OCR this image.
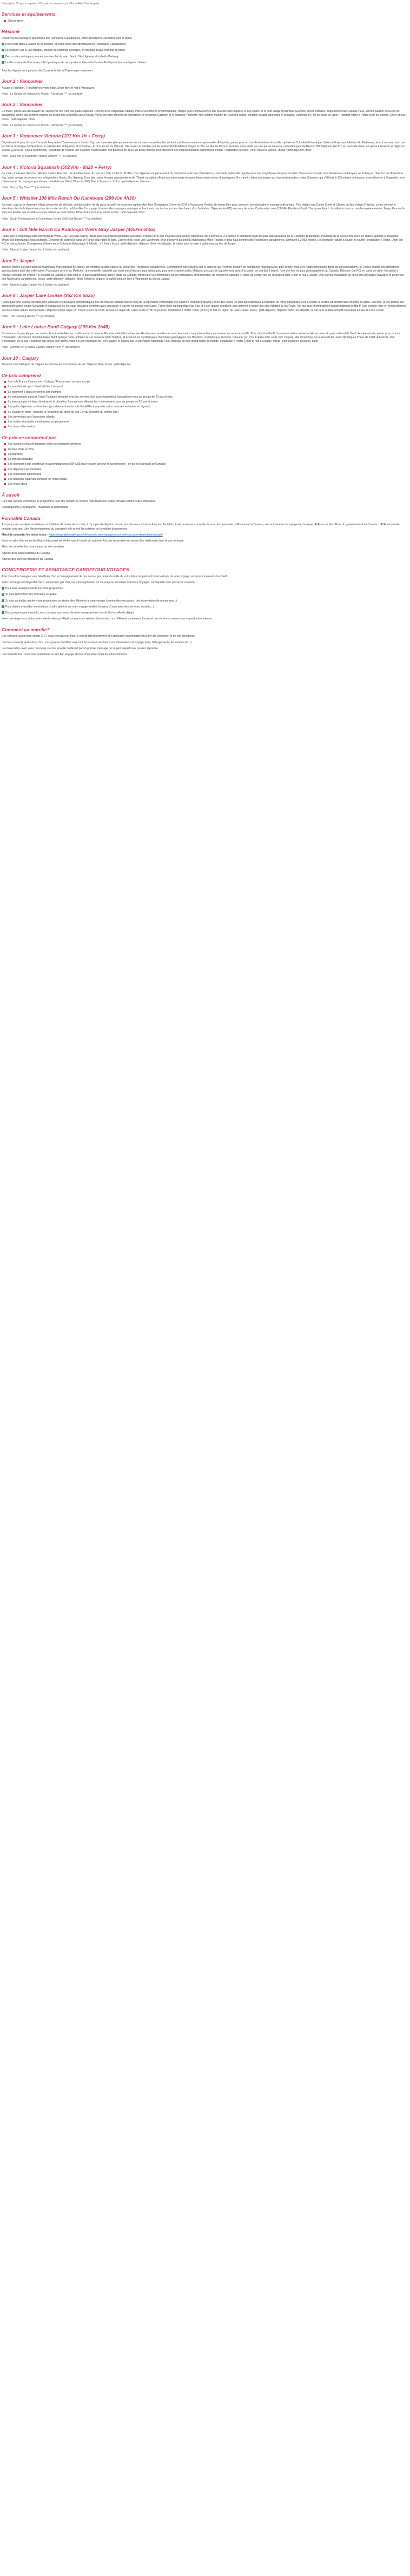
Description Ce prix comprend / Ce prix ne comprend pas Formalités Conciergerie
Services et équipements
Conciergerie
Résumé

Découvrez les paysages grandioses des rocheuses Canadiennes, entre montagnes, cascades, lacs et forêts.

✓ Deux nuits dans à Jasper ou en régions, en plein coeur des spectaculaires Rocheuses Canadiennes

✓ La croisière sur le Lac Maligne, entouré de sommets enneigés, en des plus beaux endroits du parcs

✓ Deux routes scéniques pour en prendre plein la vue : Sea to Sky Highway et Icefields Parkway

✓ La découverte de Vancouver, ville dynamique et cosmopolite nichée entre l'océan Pacifique et les montagnes côtières

Tous les départs sont garantis dès 2 pax et limités à 35 passagers maximum

Jour 1 : Vancouver

Accueil à l'aéroport. Transfert vers votre hôtel. Dîner libre et nuit à Vancouver.

Hôtel : Le Quinta Inn Vancouver Airport - Richmond *** (ou similaire)

Jour 2 : Vancouver

Ce matin, partez à la découverte de Vancouver lors d'un tour guidé captivant. Découvrez le magnifique Stanley Park et ses totems emblématiques, dirigez dans l'effervescence des quartiers des théâtres et des sports, et le petit village dynamique Granville Street. Admirez l'impressionnante Canada Place, ancien pavillon de l'Expo 86, aujourd'hui centre des congrès et point de départ des croisières vers l'Alaska. Voyez les rues animées de Chinatown, le charmant Gastown et le moderne Yaletown, et le célèbre marché de Granville Island, véritable paradis gourmand et artisanal. Déjeuner en PC) en cours de visite. Transfert retour à l'hôtel en fin de journée. Dîner et nuit. Inclus : petit-déjeuner, dîner

Hôtel : Le Quinta Inn Vancouver Airport - Richmond *** (ou similaire)

Jour 3 : Vancouver Victoria (101 Km 1h + Ferry)

Départ matinal pour Victoria à bord du ferry reliant Tsawwassen à Swartz Bay, une traversée pittoresque entre de nombreuses petites îles abritant une faune marine exceptionnelle. À l'arrivée, partez pour un tour d'orientation de la ville capitale de Colombie-Britannique. Visite de l'imposant bâtiment du Parlement, le tout nouveau sorti par le charme historique de l'Empress, le quartier des antiquaires et Chinatown, le plus ancien du Canada. Découvrez le paisible quartier résidentiel d'Oakland, longez la côte sur Marine Drive et terminez votre visite par une pause nature au splendide parc de Beacon Hill. Déjeuner (en PC) en cours de visite. En option à réserver et régler en avance (220 CAD - prix à reconfirmer), possibilité de réaliser une croisière d'observation des baleines de 3h30, un beau moment pour découvrir ces impressionnants mammifères marins ! Installation à l'hôtel. Dîner et nuit à Victoria. Inclus : petit-déjeuner, dîner

Hôtel : Days Inn by Wyndham Victoria Uptown *** (ou similaire)

Jour 4 : Victoria Squamish (502 Km - 6h20 + Ferry)

Ce matin, traversée dans les célèbres Jardins Butchart, un véritable havre de paix aux mille couleurs. Profitez d'un déjeuner sur place avant de prendre la route vers Chemainus, charmante petite ville réputée pour ses magnifiques fresques murales. Poursuivez ensuite vers Nanaimo et embarquez sur le ferry en direction de Horseshoe Bay. Votre voyage se poursuit sur la légendaire Sea to Sky Highway, l'une des routes les plus spectaculaires de l'Ouest canadien, offrant des panoramas époustouflants entre océan et montagnes. En chemin, faites une pause aux impressionnantes chutes Shannon, qui s'élèvent à 335 mètres de hauteur, avant d'arriver à Squamish, terre d'aventure et de paysages grandioses. Installation à l'hôtel. Dîner (en PC). Nuit à Squamish. Inclus : petit-déjeuner, déjeuner

Hôtel : Sea to Sky Hotel *** (ou similaire)

Jour 5 : Whistler 108 Mile Ranch Ou Kamloops (299 Km 4h30)

En route, cap sur le charmant village piétonnier de Whistler, célèbre station de ski qui a accueilli les épreuves alpines des Jeux Olympiques d'hiver de 2010 à Vancouver. Profitez de temps libre pour savourer son atmosphère montagnarde unique. Puis départ vers Cache Creek et Lillooet, un lieu chargé d'histoire, connu comme le kilomètre zéro de la légendaire piste de la ruée vers l'or du Klondike. Un voyage à travers des paysages sauvages et fascinants, sur les traces des chercheurs d'or d'autrefois. Déjeuner (en PC) en cours de route. Continuation vers 108 Mile Ranch ou South Thompson Ranch. Installation dans un ranch en pleine nature. Temps libre sur le site pour profiter des activités ou vous relaxer au bord du lieu. Dîner inclus et nuit au ranch. Inclus : petit-déjeuner, dîner

Hôtel : South Thompson Inn & Conference Center (108 Golf Resort *** (ou similaire)

Jour 6 : 108 Mile Ranch Ou Kamloops Wells Gray Jasper (445km 6h55)

Route vers le magnifique parc provincial de Wells Gray, un joyau naturel réputé pour ses impressionnantes cascades. Premier arrêt aux majestueuses chutes Helmcken, qui s'élèvent à 141 mètres et comptent parmi les plus spectaculaires de la Colombie-Britannique. Poursuite de la découverte avec les chutes Spahats et Dawsons, offrant des panoramas époustouflants. Déjeuner de barbecue dans un Ranch situé dans le parc. L'après-midi, route vers Valemount, pour découvrir au pied du majestueux Mont Robson, le plus haut sommet des Rocheuses canadiennes, culminant à 3 953 mètres. Un spectacle naturel à couper le souffle ! Installation à l'hôtel. Dîner (en PC) et nuit à Jasper. Changement d'heure entre Colombie-Britannique & Alberta : + 1 heure Inclus : petit-déjeuner, déjeuner Selon les départs, la nuitée peut se faire à Valemount au lieu de Jasper.

Hôtel : Marmot Lodge (Jasper Inn & Suites (ou similaire)

Jour 7 : Jasper

Journée dédiée à l'exploration du magnifique Parc national de Jasper, un véritable paradis naturel au coeur des Rocheuses canadiennes. Commencez votre journée par le superbe lac Pyramid, entouré de montagnes majestueuses, puis dirigez-vous vers l'impressionnante gorge du canyon Maligne, où l'eau a sculpté des formations spectaculaires au fil des millénaires. Poursuivez vers le lac Medicine, une merveille naturelle aux eaux mystérieuses, puis embarquez pour une croisière au lac Maligne, au cours de laquelle vous aurez l'occasion de voir Spirit Island, l'une des îles les plus photographiées au Canada. Déjeuner (en PC) en cours de visite. En option à réserver et régler en avance : le Skytram de Jasper, le plus long et le plus haut tramway aérien guidé au Canada, offrant une vue imprenable sur les montagnes environnantes, un moment inoubliable ! Retour au centre-ville en fin d'après-midi. Dîner et nuit à Jasper. Une journée inoubliable au coeur des paysages sauvages et préservés des Rocheuses canadiennes. Inclus : petit-déjeuner, déjeuner, dîner Selon les départs, la nuitée peut se faire à Valemount au lieu de Jasper.

Hôtel : Marmot Lodge (Jasper Inn & Suites (ou similaire)

Jour 8 : Jasper Lake Louise (352 Km 5h25)

Partez pour une journée spectaculaire à travers les paysages emblématiques des Rocheuses canadiennes le long de la légendaire Promenade des Glaciers (Icefields Parkway), l'une des routes les plus panoramiques d'Amérique du Nord, offrant des vues à couper le souffle sur d'immenses champs de glace. En route, arrêts photos aux impressionnantes chutes Sunwapta et Athabasca, où les eaux glaciaires déferlent avec puissance à travers les gorges rocheuses. Faites halte au magnifique lac Bow et à son glacier scintillant, puis admirez le sauvé d'un des éclatant du lac Peyto, l'un des plus photographiés du parc national de Banff. Une journée riche en émerveillement au coeur d'une nature spectaculaire ! Déjeuner pique-nique (en PC) en cours de route. Arrivée en région de Lake Louise en fin de journée. Installation à l'hôtel. Dîner (en PC) et nuit en région de Lake Louise. Inclus : petit-déjeuner, déjeuner Selon les départs, la nuit peut se faire à Banff ou Golden au lieu de Lake Louise

Hôtel : The Crossing Resort *** (ou similaire)

Jour 9 : Lake Louise Banff Calgary (209 Km 2h45)

Commencez la journée par des arrêts photo inoubliables aux sublimes lacs Louise et Moraine, véritables icônes des Rocheuses canadiennes avec leurs eaux turquoise et leurs panoramas à couper le souffle. Puis, direction Banff, charmante station alpine nichée au coeur du parc national de Banff. À votre arrivée, partez pour un tour d'orientation : découvrez l'emblématique Banff Springs Hotel, admirez la vue depuis le Mont Sulphur, et explorez les mystérieuses cheminées géologiques des Hoodoos, sculptées par l'érosion. Déjeuner (en PC). L'après-midi, route vers Calgary, ville dynamique qui a accueilli les Jeux Olympiques d'hiver de 1988. À l'arrivée, tour d'orientation de la ville : explorez son centre-ville animé, visitez le site historique de Fort Calgary, et passez par le légendaire Stampede Park, berceau du plus grand rodéo du monde. Installation à l'hôtel. Dîner et nuit à Calgary. Inclus : petit-déjeuner, déjeuner, dîner

Hôtel : Comfort Inn & Suites Calgary Airport North ** (ou similaire)

Jour 10 : Calgary

Transfert vers l'aéroport de Calgary en fonction de vos horaires de vol. Déjeuner libre. Inclus : petit-déjeuner

Ce prix comprend
Les vols France / Vancouver - Calgary / France avec ou sans escale
Le transfert aéroport / hôtel et hôtel / aéroport
Le logement à deux personnes par chambre
Le transport par autocar Grand Tourisme climatisé avec les services d'un accompagnateur francophone pour un groupe de 23 pax et plus
Le transport par minibus climatisé où le chauffeur francophone effectue les commentaires pour un groupe de 22 pax et moins
Les petits déjeuners continentaux (possiblement en formule Grab&Go à emporter selon mesures sanitaires en vigueur)
Le voyage en demi - pension (à l'exception du dîner du jour 1 et du déjeuner du dernier jour)
Les traversées vers Vancouver Islands
Les visites et activités mentionnées au programme
Les taxes et le service
Ce prix ne comprend pas
Les éventuels frais de bagages selon la compagnie aérienne
les frais d'Eta ou Avw
L'assurance
Le port des bagages
Les pourboires aux chauffeurs et accompagnateurs ($4 à $5 pour chacun par jour et par personne - ce qui est standard au Canada)
Les dépenses personnelles
Les excursions optionnelles
Les boissons (sauf café pendant les repas inclus)
Les repas libres
À savoir

Pour des raisons techniques, le programme peut être modifié ou inversé mais toutes les visites prévues seront toutes effectuées.

Départ garanti 2 participants - maximum 35 participants

Formalité Canada

A ce jour, pour un séjour touristique ou d'affaires de moins de six mois, il n'y a pas d'obligation de visa pour les ressortissants français. Toutefois, toute personne exemptée de visa doit demander, suffisamment à l'avance, une autorisation de voyage électronique (AVE) sur le site officiel du gouvernement du Canada. L'AVE est valable pendant cinq ans. Liée électroniquement au passeport, elle prend fin au terme de la validité du passeport.

Merci de consulter les mises à jour : https://www.diplomatie.gouv.fr/fr/conseils-aux-voyageurs/conseils-par-pays-destination/canada/

Dans le cadre d'un vol via les Etats-Unis, merci de vérifier que le transit est autorisé. Aucune réservation ne pourra être remboursé dans le cas contraire.

Merci de consulter les mises à jour du site canadien :

Agence de la santé publique du Canada

Agence des services frontaliers du Canada

CONCIERGERIE ET ASSISTANCE CARREFOUR VOYAGES

Avec Carrefour Voyages vous bénéficiez d'un accompagnement de nos concierges depuis la veille de votre départ et pendant toute la durée de votre voyage, un service innovant et exclusif.

Votre concierge est disponible 24/7, uniquement par chat, via votre application de messagerie sécurisée Carrefour Voyages, sur laquelle vous pouvez le contacter :

✓ Pour tous renseignements sur votre programme

✓ Si vous rencontrez des difficultés sur place

✓ Si vous souhaitez ajouter votre programme un ajouter des éléments à votre voyage (comme des excursions, des réservations de restaurants...)

✓ Pour obtenir avant des informations d'ordre général sur votre voyage (météo, horaires d'ouvertures des services, conseils...)

✓ Nous pouvons par exemple, nous occuper pour vous, de votre enregistrement de vol dès la veille du départ

Votre concierge vous aidera votre interlocuteur privilégié sur place, en relation directe avec nos différents partenaires locaux et nos services commerciaux et production internes.

Comment ça marche?

Une semaine avant votre départ (J-7), vous recevrez par mail, le lien de téléchargement de l'application accompagné d'un lien de connexion et de vos identifiants.

Une fois connecté après deux clics, vous pourrez modifier votre mot de passe et accéder à vos informations de voyage (vols, hébergements, documents etc...).

La conversation avec votre concierge s'active la veille du départ par un premier message de sa part auquel vous pourrez répondre.

Une nouvelle fois, nous vous souhaitons un très bon voyage et nous vous remercions de votre confiance !
